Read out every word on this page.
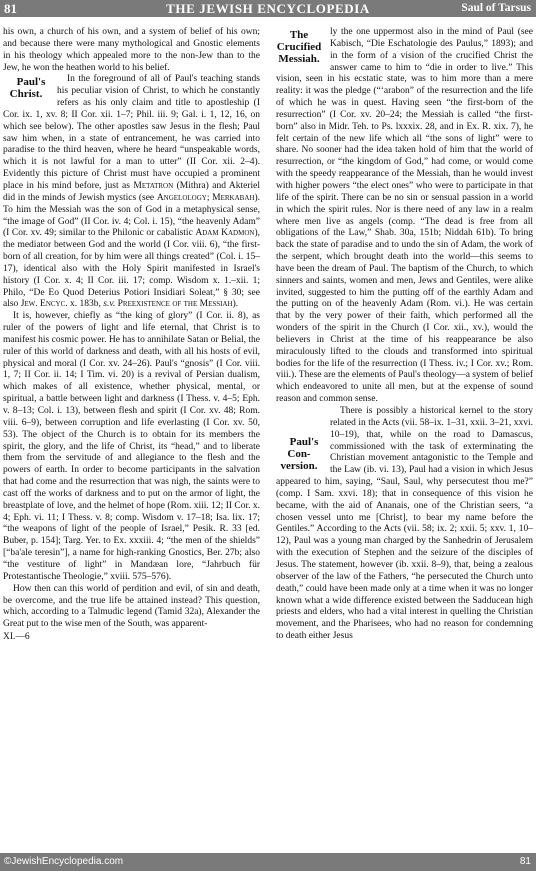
81	THE JEWISH ENCYCLOPEDIA	Saul of Tarsus

his own, a church of his own, and a system of belief of his own; and because there were many mythological and Gnostic elements in his theology which appealed more to the non-Jew than to the Jew, he won the heathen world to his belief.

Paul's
Christ.
In the foreground of all of Paul's teaching stands his peculiar vision of Christ, to which he constantly refers as his only claim and title to apostleship (I Cor. ix. 1, xv. 8; II Cor. xii. 1–7; Phil. iii. 9; Gal. i. 1, 12, 16, on which see below). The other apostles saw Jesus in the flesh; Paul saw him when, in a state of entrancement, he was carried into paradise to the third heaven, where he heard “unspeakable words, which it is not lawful for a man to utter” (II Cor. xii. 2–4). Evidently this picture of Christ must have occupied a prominent place in his mind before, just as Metatron (Mithra) and Akteriel did in the minds of Jewish mystics (see Angelology; Merkabah). To him the Messiah was the son of God in a metaphysical sense, “the image of God” (II Cor. iv. 4; Col. i. 15), “the heavenly Adam” (I Cor. xv. 49; similar to the Philonic or cabalistic Adam Kadmon), the mediator between God and the world (I Cor. viii. 6), “the first-born of all creation, for by him were all things created” (Col. i. 15–17), identical also with the Holy Spirit manifested in Israel's history (I Cor. x. 4; II Cor. iii. 17; comp. Wisdom x. 1.–xii. 1; Philo, “De Eo Quod Deterius Potiori Insidiari Soleat,” § 30; see also Jew. Encyc. x. 183b, s.v. Preexistence of the Messiah).

It is, however, chiefly as “the king of glory” (I Cor. ii. 8), as ruler of the powers of light and life eternal, that Christ is to manifest his cosmic power. He has to annihilate Satan or Belial, the ruler of this world of darkness and death, with all his hosts of evil, physical and moral (I Cor. xv. 24–26). Paul's “gnosis” (I Cor. viii. 1, 7; II Cor. ii. 14; I Tim. vi. 20) is a revival of Persian dualism, which makes of all existence, whether physical, mental, or spiritual, a battle between light and darkness (I Thess. v. 4–5; Eph. v. 8–13; Col. i. 13), between flesh and spirit (I Cor. xv. 48; Rom. viii. 6–9), between corruption and life everlasting (I Cor. xv. 50, 53). The object of the Church is to obtain for its members the spirit, the glory, and the life of Christ, its “head,” and to liberate them from the servitude of and allegiance to the flesh and the powers of earth. In order to become participants in the salvation that had come and the resurrection that was nigh, the saints were to cast off the works of darkness and to put on the armor of light, the breastplate of love, and the helmet of hope (Rom. xiii. 12; II Cor. x. 4; Eph. vi. 11; I Thess. v. 8; comp. Wisdom v. 17–18; Isa. lix. 17; “the weapons of light of the people of Israel,” Pesik. R. 33 [ed. Buber, p. 154]; Targ. Yer. to Ex. xxxiii. 4; “the men of the shields” [“ba'ale teresin”], a name for high-ranking Gnostics, Ber. 27b; also “the vestiture of light” in Mandæan lore, “Jahrbuch für Protestantische Theologie,” xviii. 575–576).

How then can this world of perdition and evil, of sin and death, be overcome, and the true life be attained instead? This question, which, according to a Talmudic legend (Tamid 32a), Alexander the Great put to the wise men of the South, was apparent-

XI.—6

The
Crucified
Messiah.
ly the one uppermost also in the mind of Paul (see Kabisch, “Die Eschatologie des Paulus,” 1893); and in the form of a vision of the crucified Christ the answer came to him to “die in order to live.” This vision, seen in his ecstatic state, was to him more than a mere reality: it was the pledge (“‘arabon” of the resurrection and the life of which he was in quest. Having seen “the first-born of the resurrection” (I Cor. xv. 20–24; the Messiah is called “the first-born” also in Midr. Teh. to Ps. lxxxix. 28, and in Ex. R. xix. 7), he felt certain of the new life which all “the sons of light” were to share. No sooner had the idea taken hold of him that the world of resurrection, or “the kingdom of God,” had come, or would come with the speedy reappearance of the Messiah, than he would invest with higher powers “the elect ones” who were to participate in that life of the spirit. There can be no sin or sensual passion in a world in which the spirit rules. Nor is there need of any law in a realm where men live as angels (comp. “The dead is free from all obligations of the Law,” Shab. 30a, 151b; Niddah 61b). To bring back the state of paradise and to undo the sin of Adam, the work of the serpent, which brought death into the world—this seems to have been the dream of Paul. The baptism of the Church, to which sinners and saints, women and men, Jews and Gentiles, were alike invited, suggested to him the putting off of the earthly Adam and the putting on of the heavenly Adam (Rom. vi.). He was certain that by the very power of their faith, which performed all the wonders of the spirit in the Church (I Cor. xii., xv.), would the believers in Christ at the time of his reappearance be also miraculously lifted to the clouds and transformed into spiritual bodies for the life of the resurrection (I Thess. iv.; I Cor. xv.; Rom. viii.). These are the elements of Paul's theology—a system of belief which endeavored to unite all men, but at the expense of sound reason and common sense.

Paul's
Con-
version.
There is possibly a historical kernel to the story related in the Acts (vii. 58–ix. 1–31, xxii. 3–21, xxvi. 10–19), that, while on the road to Damascus, commissioned with the task of exterminating the Christian movement antagonistic to the Temple and the Law (ib. vi. 13), Paul had a vision in which Jesus appeared to him, saying, “Saul, Saul, why persecutest thou me?” (comp. I Sam. xxvi. 18); that in consequence of this vision he became, with the aid of Ananais, one of the Christian seers, “a chosen vessel unto me [Christ], to bear my name before the Gentiles.” According to the Acts (vii. 58; ix. 2; xxii. 5; xxv. 1, 10–12), Paul was a young man charged by the Sanhedrin of Jerusalem with the execution of Stephen and the seizure of the disciples of Jesus. The statement, however (ib. xxii. 8–9), that, being a zealous observer of the law of the Fathers, “he persecuted the Church unto death,” could have been made only at a time when it was no longer known what a wide difference existed between the Sadducean high priests and elders, who had a vital interest in quelling the Christian movement, and the Pharisees, who had no reason for condemning to death either Jesus

©JewishEncyclopedia.com	81
